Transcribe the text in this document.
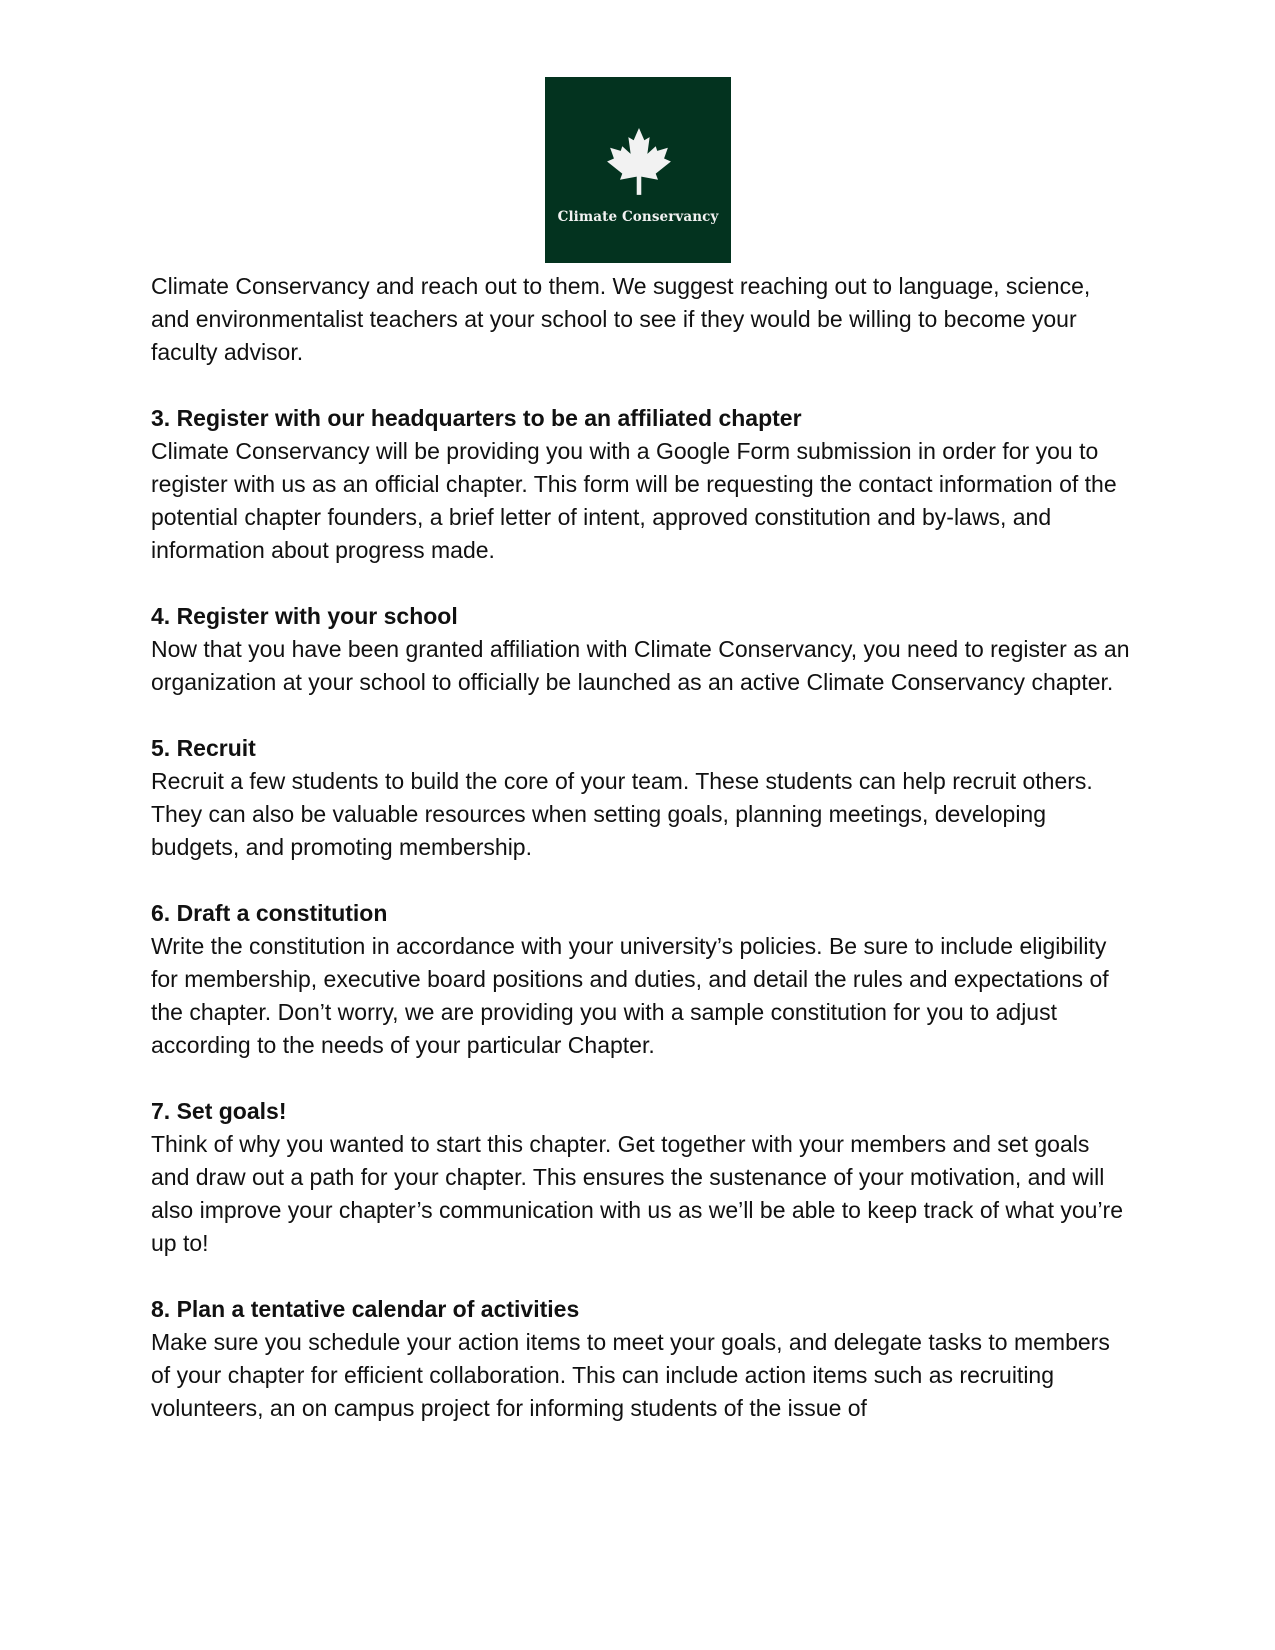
Climate Conservancy

Climate Conservancy and reach out to them. We suggest reaching out to language, science, and environmentalist teachers at your school to see if they would be willing to become your faculty advisor.

3. Register with our headquarters to be an affiliated chapter

Climate Conservancy will be providing you with a Google Form submission in order for you to register with us as an official chapter. This form will be requesting the contact information of the potential chapter founders, a brief letter of intent, approved constitution and by-laws, and information about progress made.

4. Register with your school

Now that you have been granted affiliation with Climate Conservancy, you need to register as an organization at your school to officially be launched as an active Climate Conservancy chapter.

5. Recruit

Recruit a few students to build the core of your team. These students can help recruit others. They can also be valuable resources when setting goals, planning meetings, developing budgets, and promoting membership.

6. Draft a constitution

Write the constitution in accordance with your university’s policies. Be sure to include eligibility for membership, executive board positions and duties, and detail the rules and expectations of the chapter. Don’t worry, we are providing you with a sample constitution for you to adjust according to the needs of your particular Chapter.

7. Set goals!

Think of why you wanted to start this chapter. Get together with your members and set goals and draw out a path for your chapter. This ensures the sustenance of your motivation, and will also improve your chapter’s communication with us as we’ll be able to keep track of what you’re up to!

8. Plan a tentative calendar of activities

Make sure you schedule your action items to meet your goals, and delegate tasks to members of your chapter for efficient collaboration. This can include action items such as recruiting volunteers, an on campus project for informing students of the issue of
